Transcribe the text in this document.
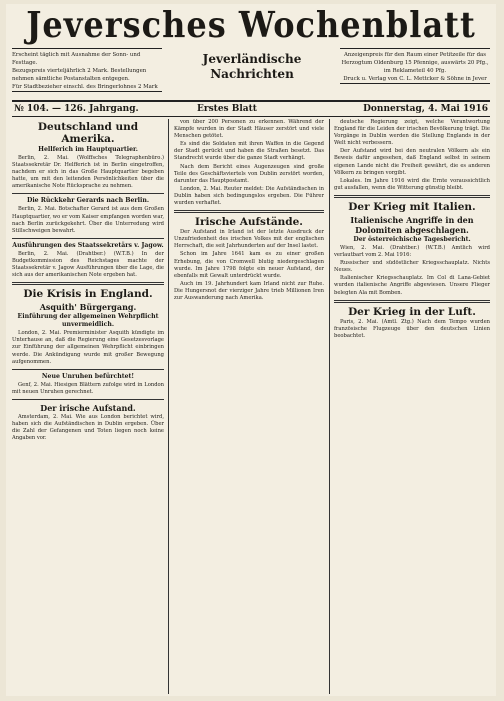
Jeversches Wochenblatt
Erscheint täglich mit Ausnahme der Sonn- und Festtage.
Bezugspreis vierteljährlich 2 Mark. Bestellungen
nehmen sämtliche Postanstalten entgegen.
Für Stadtbezieher einschl. des Bringerlohnes 2 Mark
Jeverländische
Nachrichten
Anzeigenpreis für den Raum einer Petitzeile für das
Herzogtum Oldenburg 15 Pfennige, auswärts 20 Pfg.,
im Reklameteil 40 Pfg.
Druck u. Verlag von C. L. Mettcker & Söhne in Jever
№ 104. — 126. Jahrgang.	Erstes Blatt	Donnerstag, 4. Mai 1916
Deutschland und Amerika.
Hellferich im Hauptquartier.

Berlin, 2. Mai. (Wolffsches Telegraphenbüro.) Staatssekretär Dr. Helfferich ist in Berlin eingetroffen, nachdem er sich in das Große Hauptquartier begeben hatte, um mit den leitenden Persönlichkeiten über die amerikanische Note Rücksprache zu nehmen.

Die Rückkehr Gerards nach Berlin.

Berlin, 2. Mai. Botschafter Gerard ist aus dem Großen Hauptquartier, wo er vom Kaiser empfangen worden war, nach Berlin zurückgekehrt. Über die Unterredung wird Stillschweigen bewahrt.

Ausführungen des Staatssekretärs v. Jagow.

Berlin, 2. Mai. (Drahtber.) (W.T.B.) In der Budgetkommission des Reichstages machte der Staatssekretär v. Jagow Ausführungen über die Lage, die sich aus der amerikanischen Note ergeben hat.

Die Krisis in England.
Asquith' Bürgergang.
Einführung der allgemeinen Wehrpflicht unvermeidlich.

London, 2. Mai. Premierminister Asquith kündigte im Unterhause an, daß die Regierung eine Gesetzesvorlage zur Einführung der allgemeinen Wehrpflicht einbringen werde. Die Ankündigung wurde mit großer Bewegung aufgenommen.

Neue Unruhen befürchtet!

Genf, 2. Mai. Hiesigen Blättern zufolge wird in London mit neuen Unruhen gerechnet.

Der irische Aufstand.

Amsterdam, 2. Mai. Wie aus London berichtet wird, haben sich die Aufständischen in Dublin ergeben. Über die Zahl der Gefangenen und Toten liegen noch keine Angaben vor.

von über 200 Personen zu erkennen. Während der Kämpfe wurden in der Stadt Häuser zerstört und viele Menschen getötet.

Es sind die Soldaten mit ihren Waffen in die Gegend der Stadt gerückt und haben die Straßen besetzt. Das Standrecht wurde über die ganze Stadt verhängt.

Nach dem Bericht eines Augenzeugen sind große Teile des Geschäftsviertels von Dublin zerstört worden, darunter das Hauptpostamt.

London, 2. Mai. Reuter meldet: Die Aufständischen in Dublin haben sich bedingungslos ergeben. Die Führer wurden verhaftet.

Irische Aufstände.

Der Aufstand in Irland ist der letzte Ausdruck der Unzufriedenheit des irischen Volkes mit der englischen Herrschaft, die seit Jahrhunderten auf der Insel lastet.

Schon im Jahre 1641 kam es zu einer großen Erhebung, die von Cromwell blutig niedergeschlagen wurde. Im Jahre 1798 folgte ein neuer Aufstand, der ebenfalls mit Gewalt unterdrückt wurde.

Auch im 19. Jahrhundert kam Irland nicht zur Ruhe. Die Hungersnot der vierziger Jahre trieb Millionen Iren zur Auswanderung nach Amerika.

deutsche Regierung zeigt, welche Verantwortung England für die Leiden der irischen Bevölkerung trägt. Die Vorgänge in Dublin werden die Stellung Englands in der Welt nicht verbessern.

Der Aufstand wird bei den neutralen Völkern als ein Beweis dafür angesehen, daß England selbst in seinem eigenen Lande nicht die Freiheit gewährt, die es anderen Völkern zu bringen vorgibt.

Lokales. Im Jahre 1916 wird die Ernte voraussichtlich gut ausfallen, wenn die Witterung günstig bleibt.

Der Krieg mit Italien.
Italienische Angriffe in den Dolomiten abgeschlagen.
Der österreichische Tagesbericht.

Wien, 2. Mai. (Drahtber.) (W.T.B.) Amtlich wird verlautbart vom 2. Mai 1916:

Russischer und südöstlicher Kriegsschauplatz. Nichts Neues.

Italienischer Kriegsschauplatz. Im Col di Lana-Gebiet wurden italienische Angriffe abgewiesen. Unsere Flieger belegten Ala mit Bomben.

Der Krieg in der Luft.

Paris, 2. Mai. (Amtl. Ztg.) Nach dem Tempo wurden französische Flugzeuge über den deutschen Linien beobachtet.
